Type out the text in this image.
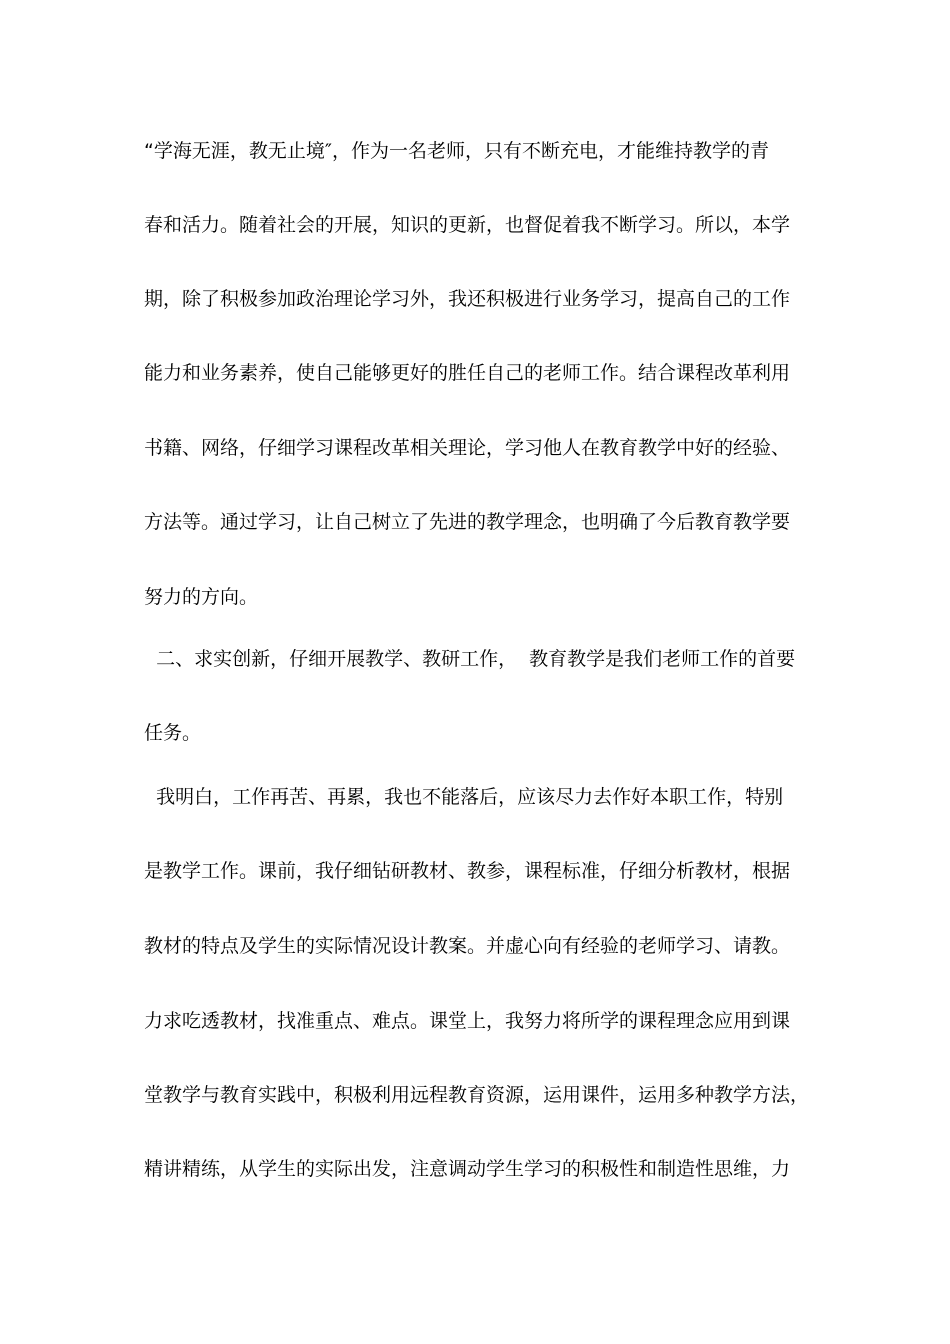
“学海无涯，教无止境″，作为一名老师，只有不断充电，才能维持教学的青
春和活力。随着社会的开展，知识的更新，也督促着我不断学习。所以，本学
期，除了积极参加政治理论学习外，我还积极进行业务学习，提高自己的工作
能力和业务素养，使自己能够更好的胜任自己的老师工作。结合课程改革利用
书籍、网络，仔细学习课程改革相关理论，学习他人在教育教学中好的经验、
方法等。通过学习，让自己树立了先进的教学理念，也明确了今后教育教学要
努力的方向。
二、求实创新，仔细开展教学、教研工作，  教育教学是我们老师工作的首要
任务。
我明白，工作再苦、再累，我也不能落后，应该尽力去作好本职工作，特别
是教学工作。课前，我仔细钻研教材、教参，课程标准，仔细分析教材，根据
教材的特点及学生的实际情况设计教案。并虚心向有经验的老师学习、请教。
力求吃透教材，找准重点、难点。课堂上，我努力将所学的课程理念应用到课
堂教学与教育实践中，积极利用远程教育资源，运用课件，运用多种教学方法，
精讲精练，从学生的实际出发，注意调动学生学习的积极性和制造性思维，力
